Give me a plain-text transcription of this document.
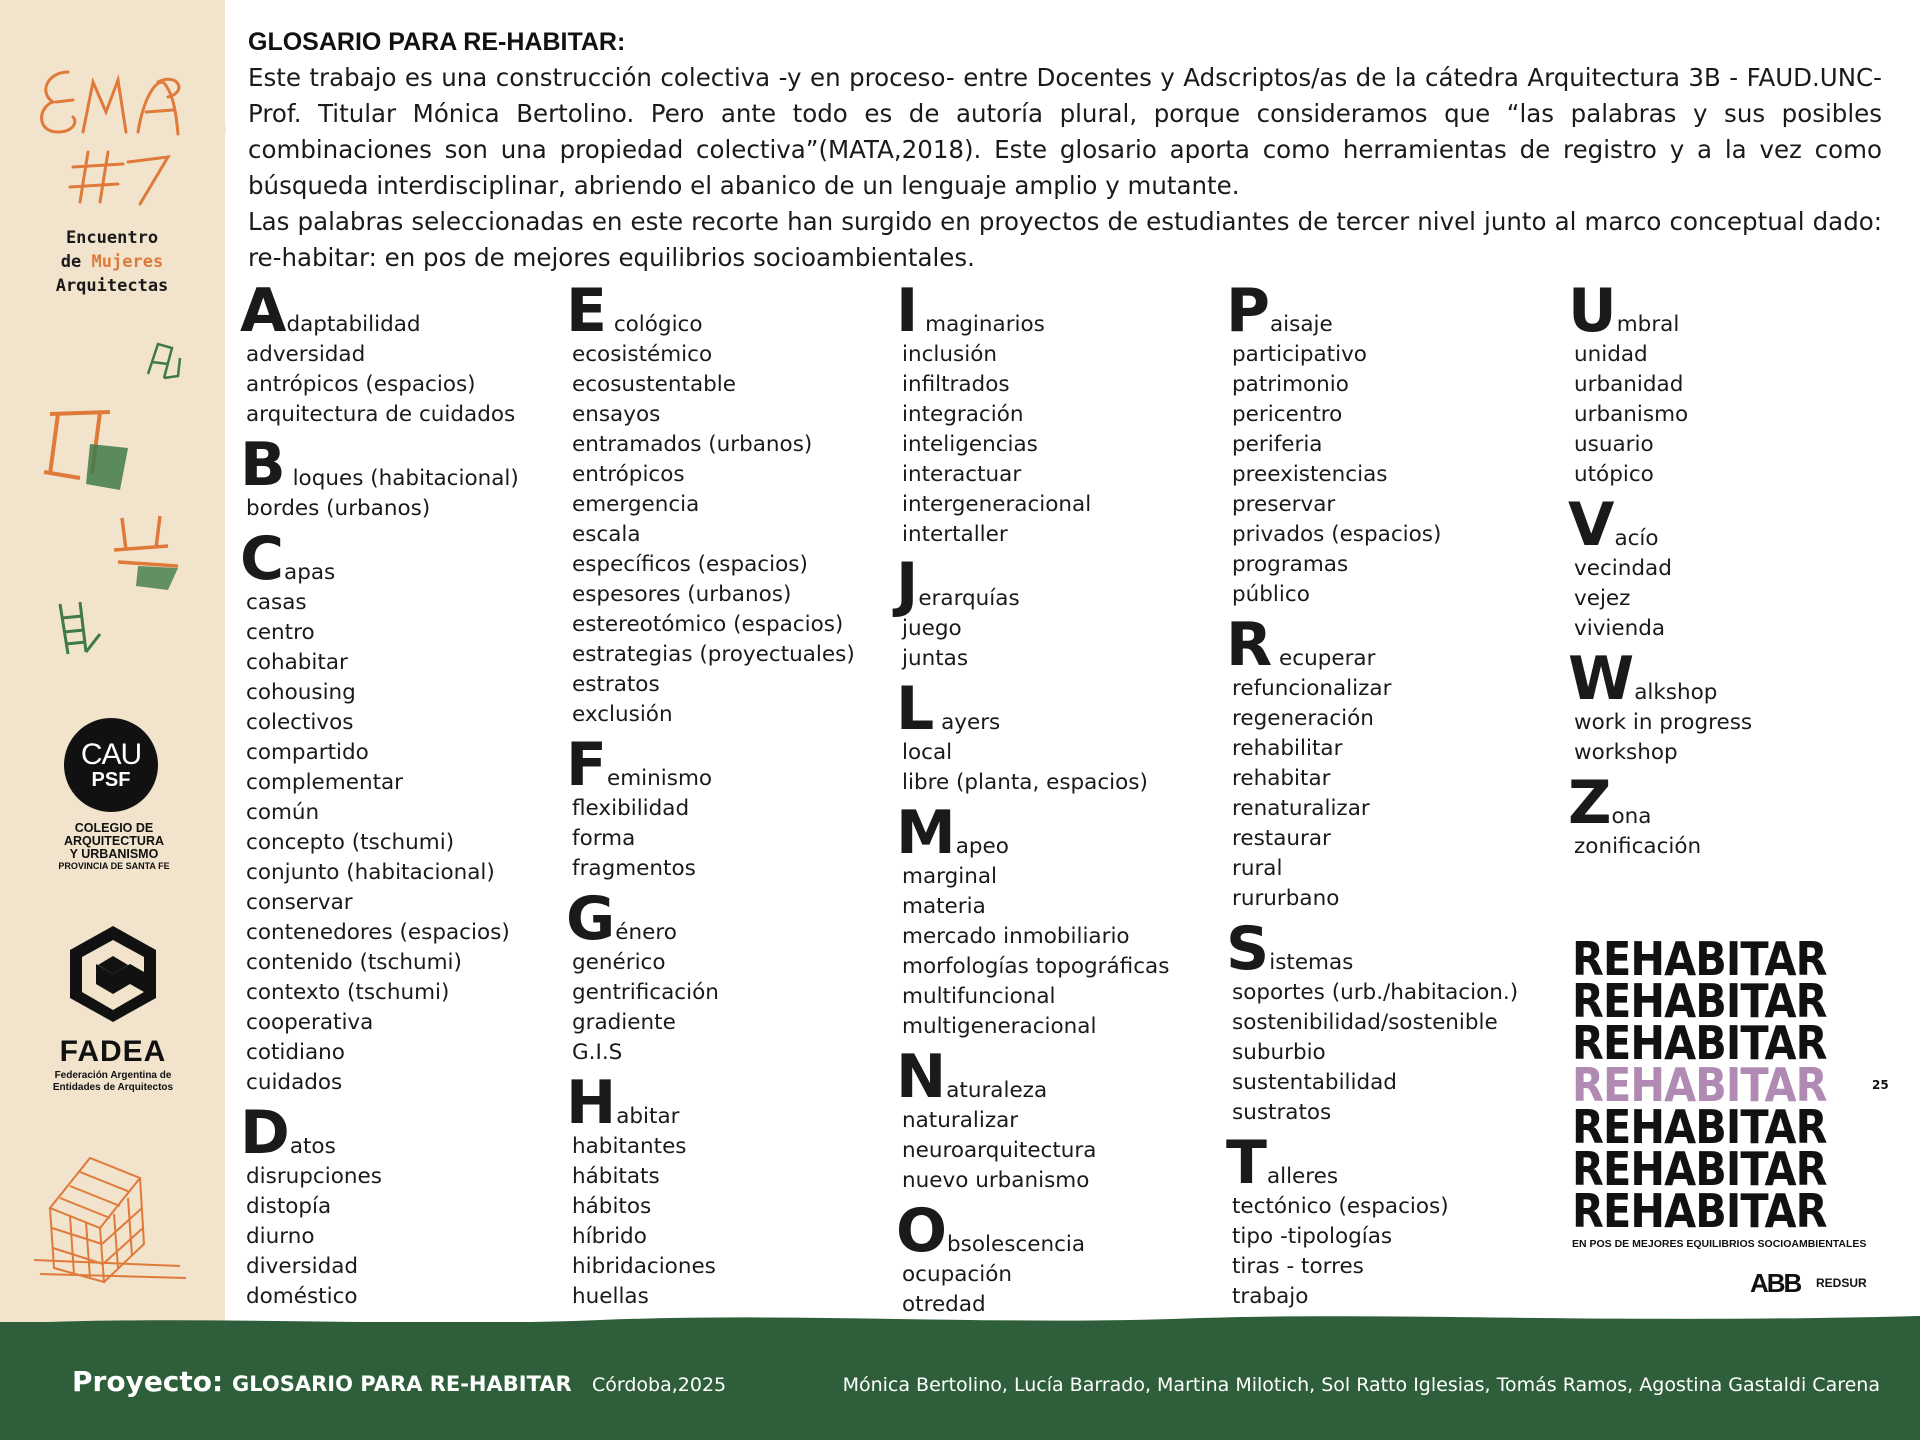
Encuentro
de Mujeres
Arquitectas
CAU
PSF
COLEGIO DE
ARQUITECTURA
Y URBANISMO
PROVINCIA DE SANTA FE
FADEA
Federación Argentina de
Entidades de Arquitectos
GLOSARIO PARA RE-HABITAR:

Este trabajo es una construcción colectiva -y en proceso- entre Docentes y Adscriptos/as de la cátedra Arquitectura 3B - FAUD.UNC- Prof. Titular Mónica Bertolino. Pero ante todo es de autoría plural, porque consideramos que “las palabras y sus posibles combinaciones son una propiedad colectiva”(MATA,2018). Este glosario aporta como herramientas de registro y a la vez como búsqueda interdisciplinar, abriendo el abanico de un lenguaje amplio y mutante.

Las palabras seleccionadas en este recorte han surgido en proyectos de estudiantes de tercer nivel junto al marco conceptual dado: re-habitar: en pos de mejores equilibrios socioambientales.

A daptabilidad
adversidad
antrópicos (espacios)
arquitectura de cuidados
B loques (habitacional)
bordes (urbanos)
C apas
casas
centro
cohabitar
cohousing
colectivos
compartido
complementar
común
concepto (tschumi)
conjunto (habitacional)
conservar
contenedores (espacios)
contenido (tschumi)
contexto (tschumi)
cooperativa
cotidiano
cuidados
D atos
disrupciones
distopía
diurno
diversidad
doméstico
E cológico
ecosistémico
ecosustentable
ensayos
entramados (urbanos)
entrópicos
emergencia
escala
específicos (espacios)
espesores (urbanos)
estereotómico (espacios)
estrategias (proyectuales)
estratos
exclusión
F eminismo
flexibilidad
forma
fragmentos
G énero
genérico
gentrificación
gradiente
G.I.S
H abitar
habitantes
hábitats
hábitos
híbrido
hibridaciones
huellas
I maginarios
inclusión
infiltrados
integración
inteligencias
interactuar
intergeneracional
intertaller
J erarquías
juego
juntas
L ayers
local
libre (planta, espacios)
M apeo
marginal
materia
mercado inmobiliario
morfologías topográficas
multifuncional
multigeneracional
N aturaleza
naturalizar
neuroarquitectura
nuevo urbanismo
O bsolescencia
ocupación
otredad
P aisaje
participativo
patrimonio
pericentro
periferia
preexistencias
preservar
privados (espacios)
programas
público
R ecuperar
refuncionalizar
regeneración
rehabilitar
rehabitar
renaturalizar
restaurar
rural
rururbano
S istemas
soportes (urb./habitacion.)
sostenibilidad/sostenible
suburbio
sustentabilidad
sustratos
T alleres
tectónico (espacios)
tipo -tipologías
tiras - torres
trabajo
U mbral
unidad
urbanidad
urbanismo
usuario
utópico
V acío
vecindad
vejez
vivienda
W alkshop
work in progress
workshop
Z ona
zonificación
REHABITAR
REHABITAR
REHABITAR
REHABITAR
REHABITAR
REHABITAR
REHABITAR
EN POS DE MEJORES EQUILIBRIOS SOCIOAMBIENTALES
25
ABB REDSUR
Proyecto: GLOSARIO PARA RE-HABITAR Córdoba,2025	Mónica Bertolino, Lucía Barrado, Martina Milotich, Sol Ratto Iglesias, Tomás Ramos, Agostina Gastaldi Carena
